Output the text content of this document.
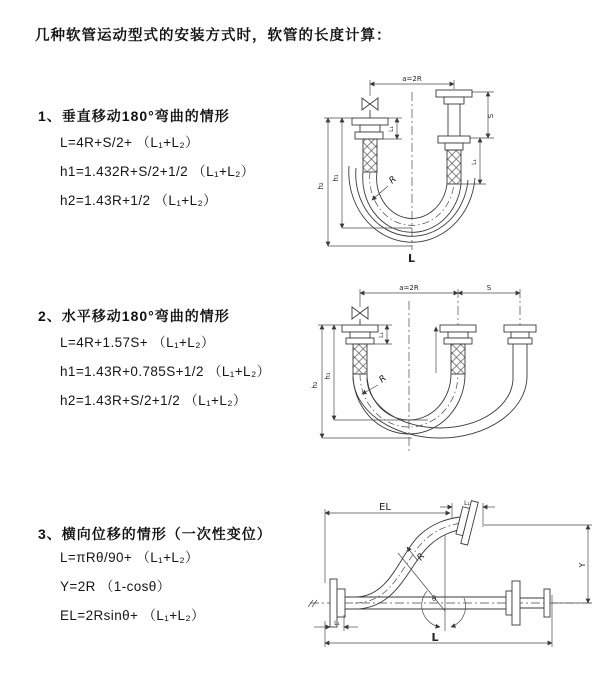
几种软管运动型式的安装方式时，软管的长度计算：
1、垂直移动180°弯曲的情形
L=4R+S/2+ （L₁+L₂）
h1=1.432R+S/2+1/2 （L₁+L₂）
h2=1.43R+1/2 （L₁+L₂）
a=2R
h₂
h₁
S
L₁
L₁
R
L
2、水平移动180°弯曲的情形
L=4R+1.57S+ （L₁+L₂）
h1=1.43R+0.785S+1/2 （L₁+L₂）
h2=1.43R+S/2+1/2 （L₁+L₂）
a=2R	S
h₂
h₁
L₁
R
3、横向位移的情形（一次性变位）
L=πRθ/90+ （L₁+L₂）
Y=2R （1-cosθ）
EL=2Rsinθ+ （L₁+L₂）
EL	L₁
Y
θ
R
L
L₁
